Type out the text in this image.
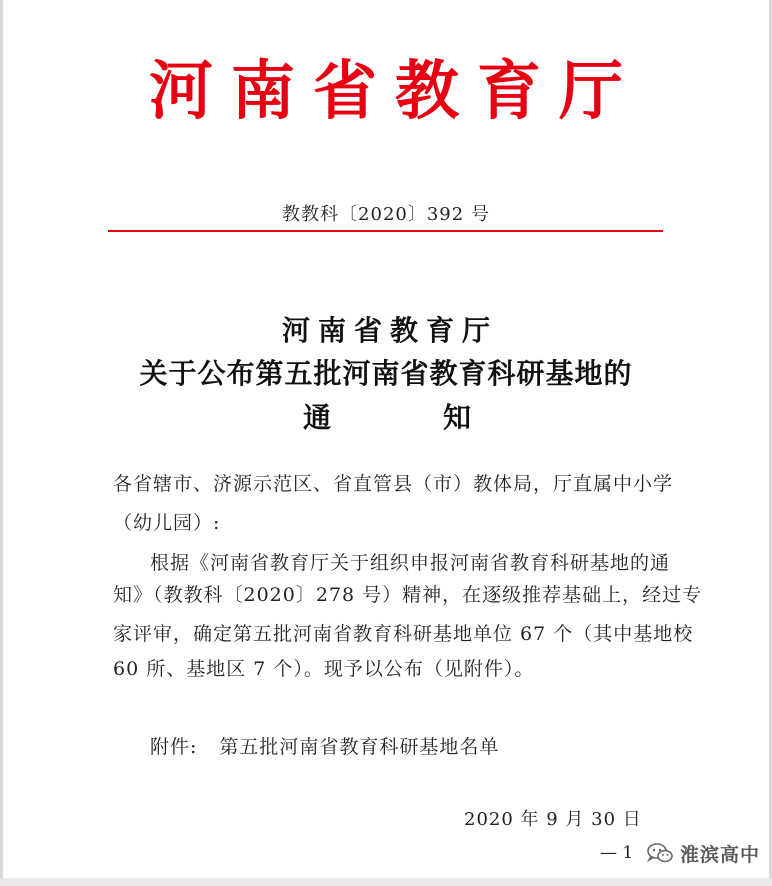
河南省教育厅
教教科〔2020〕392 号
河南省教育厅
关于公布第五批河南省教育科研基地的
通	知
各省辖市、济源示范区、省直管县（市）教体局，厅直属中小学
（幼儿园）:
根据《河南省教育厅关于组织申报河南省教育科研基地的通
知》（教教科〔2020〕278 号）精神，在逐级推荐基础上，经过专
家评审，确定第五批河南省教育科研基地单位 67 个（其中基地校
60 所、基地区 7 个）。现予以公布（见附件）。
附件: 第五批河南省教育科研基地名单
2020 年 9 月 30 日
— 1 淮滨高中
